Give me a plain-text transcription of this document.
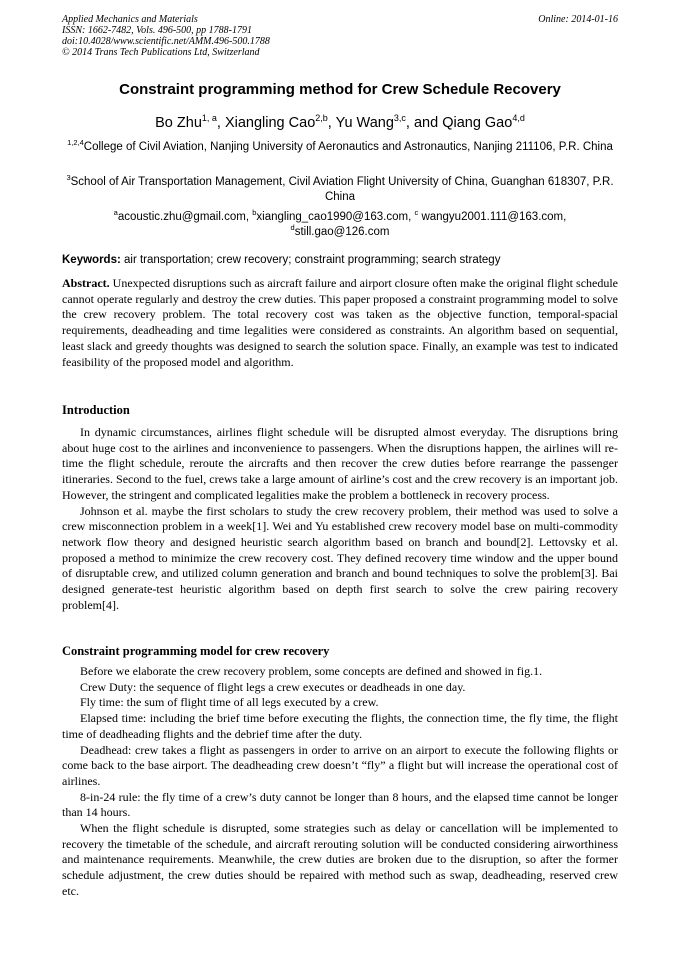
Applied Mechanics and Materials
ISSN: 1662-7482, Vols. 496-500, pp 1788-1791
doi:10.4028/www.scientific.net/AMM.496-500.1788
© 2014 Trans Tech Publications Ltd, Switzerland
Online: 2014-01-16
Constraint programming method for Crew Schedule Recovery
Bo Zhu$^{1, a}$, Xiangling Cao$^{2,b}$, Yu Wang$^{3,c}$, and Qiang Gao$^{4,d}$
$^{1,2,4}$College of Civil Aviation, Nanjing University of Aeronautics and Astronautics, Nanjing 211106, P.R. China
$^3$School of Air Transportation Management, Civil Aviation Flight University of China, Guanghan 618307, P.R. China
$^a$acoustic.zhu@gmail.com, $^b$xiangling_cao1990@163.com, $^c$ wangyu2001.111@163.com,
$^d$still.gao@126.com
Keywords: air transportation; crew recovery; constraint programming; search strategy

Abstract. Unexpected disruptions such as aircraft failure and airport closure often make the original flight schedule cannot operate regularly and destroy the crew duties. This paper proposed a constraint programming model to solve the crew recovery problem. The total recovery cost was taken as the objective function, temporal-spacial requirements, deadheading and time legalities were considered as constraints. An algorithm based on sequential, least slack and greedy thoughts was designed to search the solution space. Finally, an example was test to indicated feasibility of the proposed model and algorithm.

Introduction

In dynamic circumstances, airlines flight schedule will be disrupted almost everyday. The disruptions bring about huge cost to the airlines and inconvenience to passengers. When the disruptions happen, the airlines will re-time the flight schedule, reroute the aircrafts and then recover the crew duties before rearrange the passenger itineraries. Second to the fuel, crews take a large amount of airline’s cost and the crew recovery is an important job. However, the stringent and complicated legalities make the problem a bottleneck in recovery process.

Johnson et al. maybe the first scholars to study the crew recovery problem, their method was used to solve a crew misconnection problem in a week[1]. Wei and Yu established crew recovery model base on multi-commodity network flow theory and designed heuristic search algorithm based on branch and bound[2]. Lettovsky et al. proposed a method to minimize the crew recovery cost. They defined recovery time window and the upper bound of disruptable crew, and utilized column generation and branch and bound techniques to solve the problem[3]. Bai designed generate-test heuristic algorithm based on depth first search to solve the crew pairing recovery problem[4].

Constraint programming model for crew recovery

Before we elaborate the crew recovery problem, some concepts are defined and showed in fig.1.

Crew Duty: the sequence of flight legs a crew executes or deadheads in one day.

Fly time: the sum of flight time of all legs executed by a crew.

Elapsed time: including the brief time before executing the flights, the connection time, the fly time, the flight time of deadheading flights and the debrief time after the duty.

Deadhead: crew takes a flight as passengers in order to arrive on an airport to execute the following flights or come back to the base airport. The deadheading crew doesn’t “fly” a flight but will increase the operational cost of airlines.

8-in-24 rule: the fly time of a crew’s duty cannot be longer than 8 hours, and the elapsed time cannot be longer than 14 hours.

When the flight schedule is disrupted, some strategies such as delay or cancellation will be implemented to recovery the timetable of the schedule, and aircraft rerouting solution will be conducted considering airworthiness and maintenance requirements. Meanwhile, the crew duties are broken due to the disruption, so after the former schedule adjustment, the crew duties should be repaired with method such as swap, deadheading, reserved crew etc.
